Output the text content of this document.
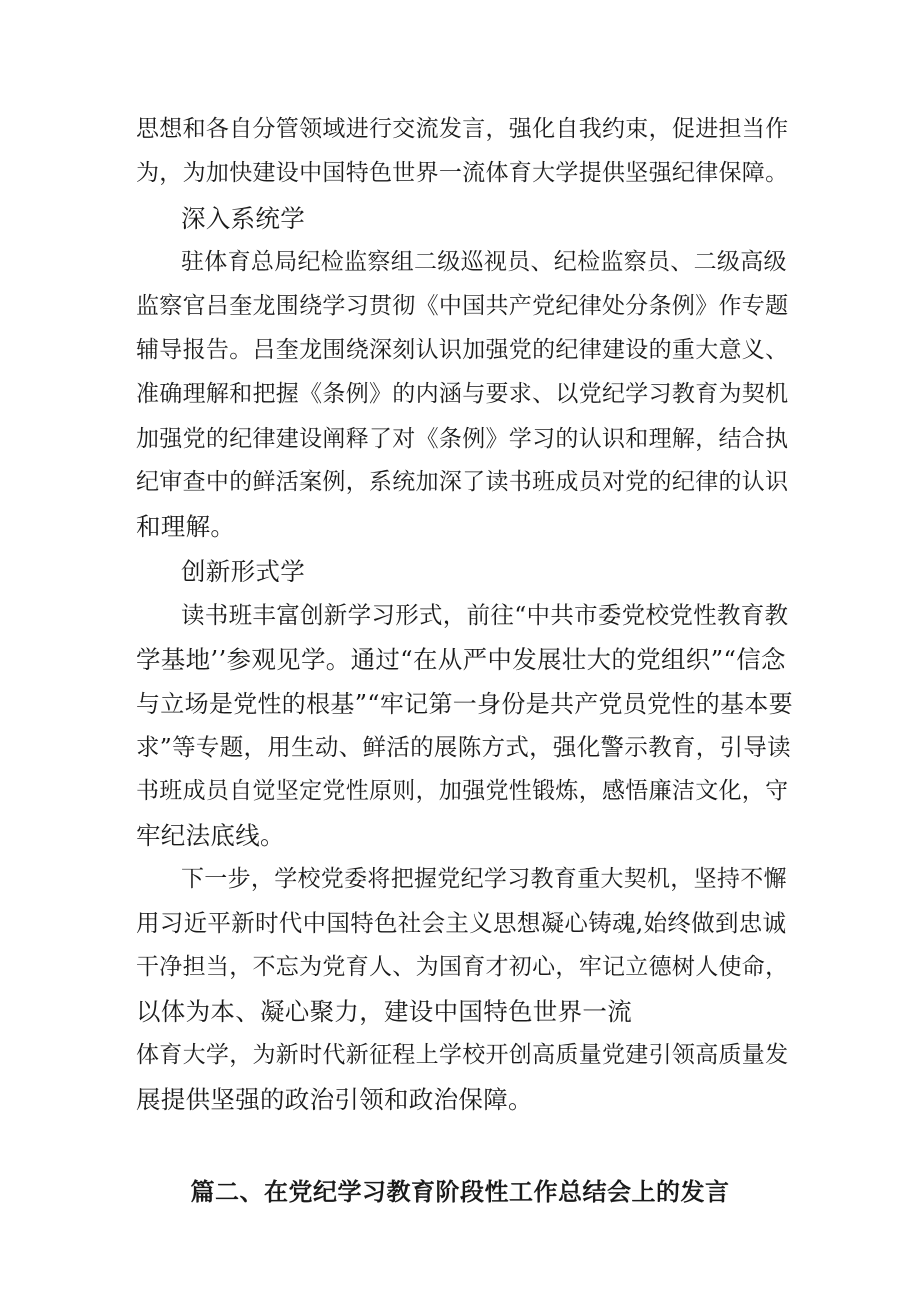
思想和各自分管领域进行交流发言，强化自我约束，促进担当作
为，为加快建设中国特色世界一流体育大学提供坚强纪律保障。
深入系统学
驻体育总局纪检监察组二级巡视员、纪检监察员、二级高级
监察官吕奎龙围绕学习贯彻《中国共产党纪律处分条例》作专题
辅导报告。吕奎龙围绕深刻认识加强党的纪律建设的重大意义、
准确理解和把握《条例》的内涵与要求、以党纪学习教育为契机
加强党的纪律建设阐释了对《条例》学习的认识和理解，结合执
纪审查中的鲜活案例，系统加深了读书班成员对党的纪律的认识
和理解。
创新形式学
读书班丰富创新学习形式，前往“中共市委党校党性教育教
学基地’’参观见学。通过“在从严中发展壮大的党组织”“信念
与立场是党性的根基”“牢记第一身份是共产党员党性的基本要
求”等专题，用生动、鲜活的展陈方式，强化警示教育，引导读
书班成员自觉坚定党性原则，加强党性锻炼，感悟廉洁文化，守
牢纪法底线。
下一步，学校党委将把握党纪学习教育重大契机，坚持不懈
用习近平新时代中国特色社会主义思想凝心铸魂,始终做到忠诚
干净担当，不忘为党育人、为国育才初心，牢记立德树人使命，
以体为本、凝心聚力，建设中国特色世界一流
体育大学，为新时代新征程上学校开创高质量党建引领高质量发
展提供坚强的政治引领和政治保障。
篇二、在党纪学习教育阶段性工作总结会上的发言
